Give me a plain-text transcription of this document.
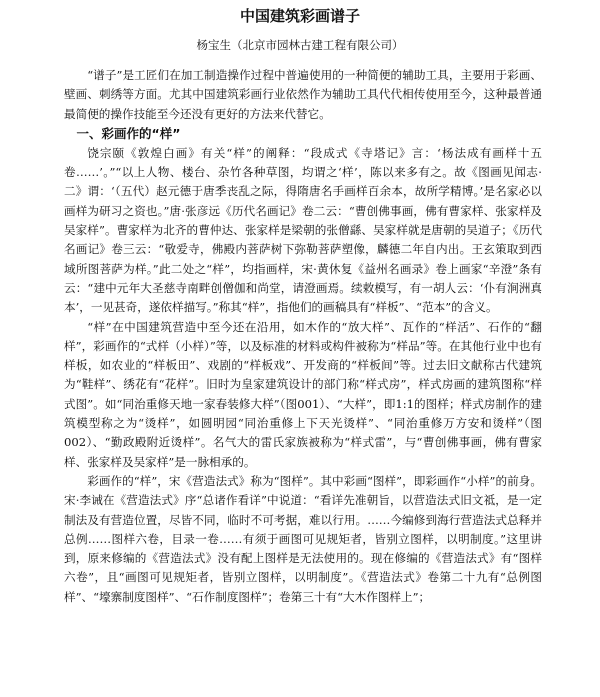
中国建筑彩画谱子
杨宝生（北京市园林古建工程有限公司）

“谱子”是工匠们在加工制造操作过程中普遍使用的一种简便的辅助工具，主要用于彩画、壁画、刺绣等方面。尤其中国建筑彩画行业依然作为辅助工具代代相传使用至今，这种最普通最简便的操作技能至今还没有更好的方法来代替它。

一、彩画作的“样”

饶宗颐《敦煌白画》有关“样”的阐释：“段成式《寺塔记》言：‘杨法成有画样十五卷……’。”“以上人物、楼台、杂竹各种草图，均谓之‘样’，陈以来多有之。故《图画见闻志·二》谓：‘（五代）赵元德于唐季丧乱之际，得隋唐名手画样百余本，故所学精博。’是名家必以画样为研习之资也。”唐·张彦远《历代名画记》卷二云：“曹创佛事画，佛有曹家样、张家样及吴家样”。曹家样为北齐的曹仲达、张家样是梁朝的张僧繇、吴家样就是唐朝的吴道子；《历代名画记》卷三云：“敬爱寺，佛殿内菩萨树下弥勒菩萨塑像，麟德二年自内出。王玄策取到西域所图菩萨为样。”此二处之“样”，均指画样，宋·黄休复《益州名画录》卷上画家“辛澄”条有云：“建中元年大圣慈寺南畔创僧伽和尚堂，请澄画焉。续敕模写，有一胡人云：‘仆有涧洲真本’，一见甚奇，遂依样描写。”称其“样”，指他们的画稿具有“样板”、“范本”的含义。

“样”在中国建筑营造中至今还在沿用，如木作的“放大样”、瓦作的“样活”、石作的“翻样”，彩画作的“式样（小样）”等，以及标准的材料或构件被称为“样品”等。在其他行业中也有样板，如农业的“样板田”、戏剧的“样板戏”、开发商的“样板间”等。过去旧文献称古代建筑为“鞋样”、绣花有“花样”。旧时为皇家建筑设计的部门称“样式房”，样式房画的建筑图称“样式图”。如“同治重修天地一家春装修大样”（图001）、“大样”，即1:1的图样；样式房制作的建筑模型称之为“烫样”，如圆明园“同治重修上下天光烫样”、“同治重修万方安和烫样”（图002）、“勤政殿附近烫样”。名气大的雷氏家族被称为“样式雷”，与“曹创佛事画，佛有曹家样、张家样及吴家样”是一脉相承的。

彩画作的“样”，宋《营造法式》称为“图样”。其中彩画“图样”，即彩画作“小样”的前身。宋·李诫在《营造法式》序“总诸作看详”中说道：“看详先准朝旨，以营造法式旧文祗，是一定制法及有营造位置，尽皆不同，临时不可考据，难以行用。……今编修到海行营造法式总释并总例……图样六卷，目录一卷……有须于画图可见规矩者，皆别立图样，以明制度。”这里讲到，原来修编的《营造法式》没有配上图样是无法使用的。现在修编的《营造法式》有“图样六卷”，且“画图可见规矩者，皆别立图样，以明制度”。《营造法式》卷第二十九有“总例图样”、“壕寨制度图样”、“石作制度图样”；卷第三十有“大木作图样上”；
